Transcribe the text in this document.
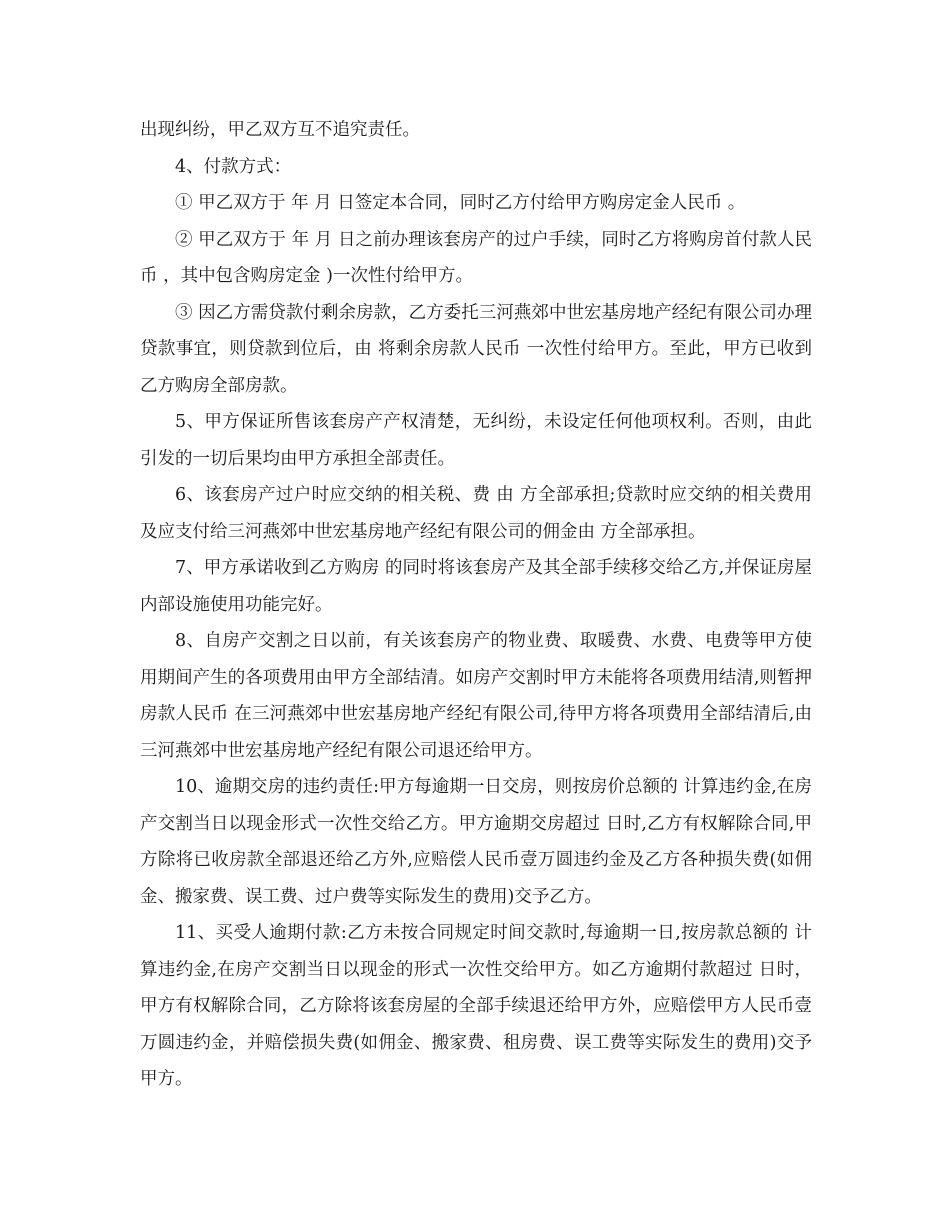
出现纠纷，甲乙双方互不追究责任。

4、付款方式：

① 甲乙双方于 年 月 日签定本合同，同时乙方付给甲方购房定金人民币 。

② 甲乙双方于 年 月 日之前办理该套房产的过户手续，同时乙方将购房首付款人民币 ，其中包含购房定金 )一次性付给甲方。

③ 因乙方需贷款付剩余房款，乙方委托三河燕郊中世宏基房地产经纪有限公司办理贷款事宜，则贷款到位后，由 将剩余房款人民币 一次性付给甲方。至此，甲方已收到乙方购房全部房款。

5、甲方保证所售该套房产产权清楚，无纠纷，未设定任何他项权利。否则，由此引发的一切后果均由甲方承担全部责任。

6、该套房产过户时应交纳的相关税、费 由 方全部承担;贷款时应交纳的相关费用及应支付给三河燕郊中世宏基房地产经纪有限公司的佣金由 方全部承担。

7、甲方承诺收到乙方购房 的同时将该套房产及其全部手续移交给乙方,并保证房屋内部设施使用功能完好。

8、自房产交割之日以前，有关该套房产的物业费、取暖费、水费、电费等甲方使用期间产生的各项费用由甲方全部结清。如房产交割时甲方未能将各项费用结清,则暂押房款人民币 在三河燕郊中世宏基房地产经纪有限公司,待甲方将各项费用全部结清后,由三河燕郊中世宏基房地产经纪有限公司退还给甲方。

10、逾期交房的违约责任:甲方每逾期一日交房，则按房价总额的 计算违约金,在房产交割当日以现金形式一次性交给乙方。甲方逾期交房超过 日时,乙方有权解除合同,甲方除将已收房款全部退还给乙方外,应赔偿人民币壹万圆违约金及乙方各种损失费(如佣金、搬家费、误工费、过户费等实际发生的费用)交予乙方。

11、买受人逾期付款:乙方未按合同规定时间交款时,每逾期一日,按房款总额的 计算违约金,在房产交割当日以现金的形式一次性交给甲方。如乙方逾期付款超过 日时，甲方有权解除合同，乙方除将该套房屋的全部手续退还给甲方外，应赔偿甲方人民币壹万圆违约金，并赔偿损失费(如佣金、搬家费、租房费、误工费等实际发生的费用)交予甲方。
